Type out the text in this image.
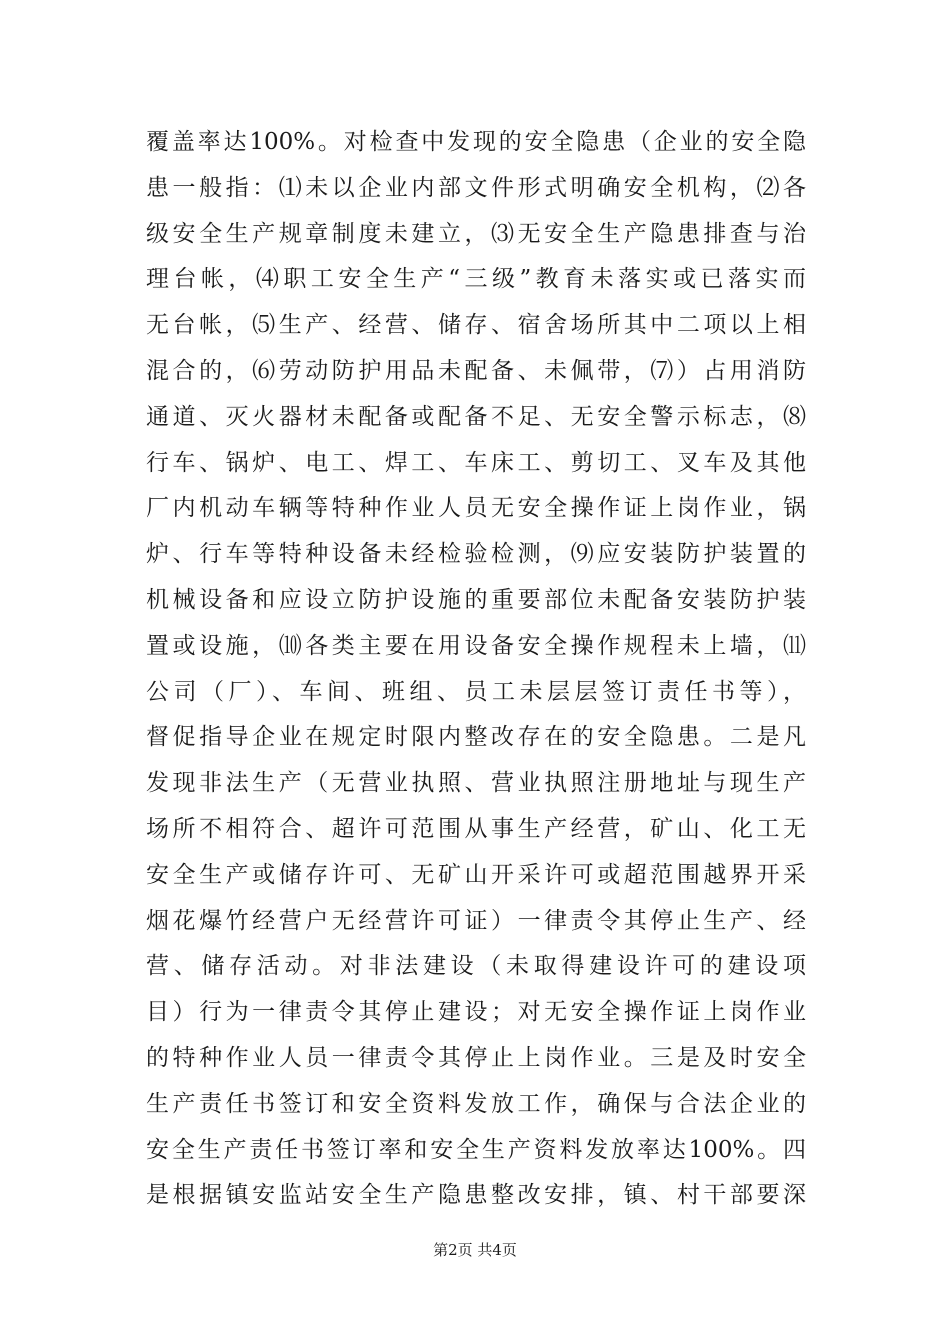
覆盖率达100%。对检查中发现的安全隐患（企业的安全隐
患一般指：⑴未以企业内部文件形式明确安全机构，⑵各
级安全生产规章制度未建立，⑶无安全生产隐患排查与治
理台帐，⑷职工安全生产“三级”教育未落实或已落实而
无台帐，⑸生产、经营、储存、宿舍场所其中二项以上相
混合的，⑹劳动防护用品未配备、未佩带，⑺）占用消防
通道、灭火器材未配备或配备不足、无安全警示标志，⑻
行车、锅炉、电工、焊工、车床工、剪切工、叉车及其他
厂内机动车辆等特种作业人员无安全操作证上岗作业，锅
炉、行车等特种设备未经检验检测，⑼应安装防护装置的
机械设备和应设立防护设施的重要部位未配备安装防护装
置或设施，⑽各类主要在用设备安全操作规程未上墙，⑾
公司（厂）、车间、班组、员工未层层签订责任书等），
督促指导企业在规定时限内整改存在的安全隐患。二是凡
发现非法生产（无营业执照、营业执照注册地址与现生产
场所不相符合、超许可范围从事生产经营，矿山、化工无
安全生产或储存许可、无矿山开采许可或超范围越界开采
烟花爆竹经营户无经营许可证）一律责令其停止生产、经
营、储存活动。对非法建设（未取得建设许可的建设项
目）行为一律责令其停止建设；对无安全操作证上岗作业
的特种作业人员一律责令其停止上岗作业。三是及时安全
生产责任书签订和安全资料发放工作，确保与合法企业的
安全生产责任书签订率和安全生产资料发放率达100%。四
是根据镇安监站安全生产隐患整改安排，镇、村干部要深
第2页 共4页
